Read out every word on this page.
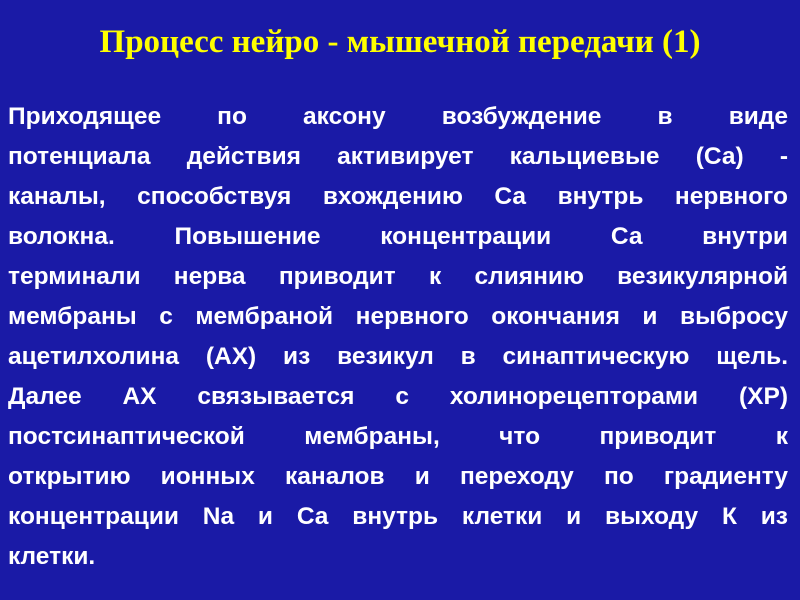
Процесс нейро - мышечной передачи (1)
Приходящее по аксону возбуждение в виде
потенциала действия активирует кальциевые (Са) -
каналы, способствуя вхождению Са внутрь нервного
волокна. Повышение концентрации Са внутри
терминали нерва приводит к слиянию везикулярной
мембраны с мембраной нервного окончания и выбросу
ацетилхолина (АХ) из везикул в синаптическую щель.
Далее АХ связывается с холинорецепторами (ХР)
постсинаптической мембраны, что приводит к
открытию ионных каналов и переходу по градиенту
концентрации Na и Са внутрь клетки и выходу К из
клетки.
